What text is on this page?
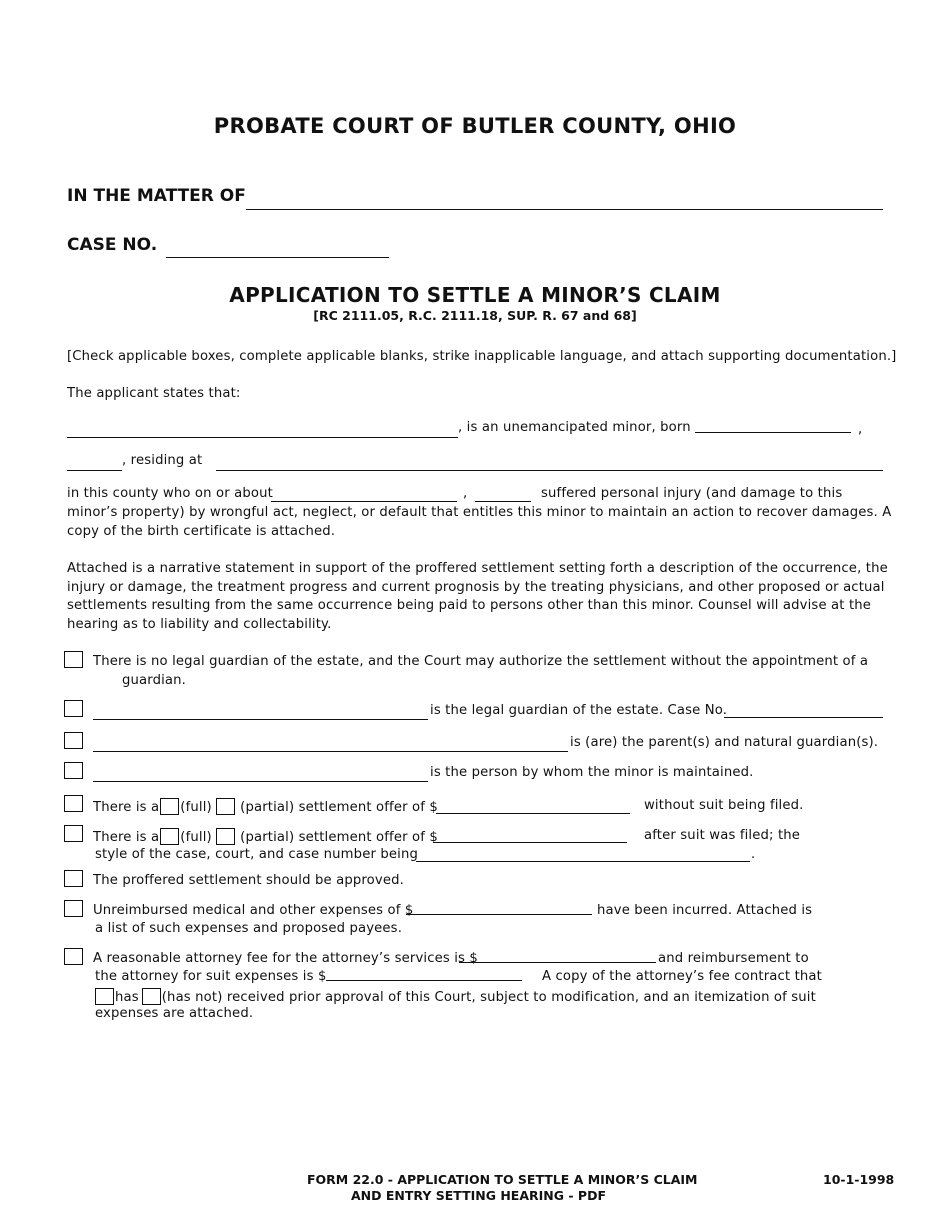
PROBATE COURT OF BUTLER COUNTY, OHIO
IN THE MATTER OF
CASE NO.
APPLICATION TO SETTLE A MINOR’S CLAIM
[RC 2111.05, R.C. 2111.18, SUP. R. 67 and 68]
[Check applicable boxes, complete applicable blanks, strike inapplicable language, and attach supporting documentation.]
The applicant states that:
, is an unemancipated minor, born	,
, residing at
in this county who on or about	,	suffered personal injury (and damage to this
minor’s property) by wrongful act, neglect, or default that entitles this minor to maintain an action to recover damages. A
copy of the birth certificate is attached.
Attached is a narrative statement in support of the proffered settlement setting forth a description of the occurrence, the
injury or damage, the treatment progress and current prognosis by the treating physicians, and other proposed or actual
settlements resulting from the same occurrence being paid to persons other than this minor. Counsel will advise at the
hearing as to liability and collectability.
There is no legal guardian of the estate, and the Court may authorize the settlement without the appointment of a
guardian.
is the legal guardian of the estate. Case No.
is (are) the parent(s) and natural guardian(s).
is the person by whom the minor is maintained.
There is a (full) (partial) settlement offer of $	without suit being filed.
There is a (full) (partial) settlement offer of $	after suit was filed; the
style of the case, court, and case number being	.
The proffered settlement should be approved.
Unreimbursed medical and other expenses of $	have been incurred. Attached is
a list of such expenses and proposed payees.
A reasonable attorney fee for the attorney’s services is $	and reimbursement to
the attorney for suit expenses is $	A copy of the attorney’s fee contract that
has (has not) received prior approval of this Court, subject to modification, and an itemization of suit
expenses are attached.
FORM 22.0 - APPLICATION TO SETTLE A MINOR’S CLAIM
AND ENTRY SETTING HEARING - PDF
10-1-1998
